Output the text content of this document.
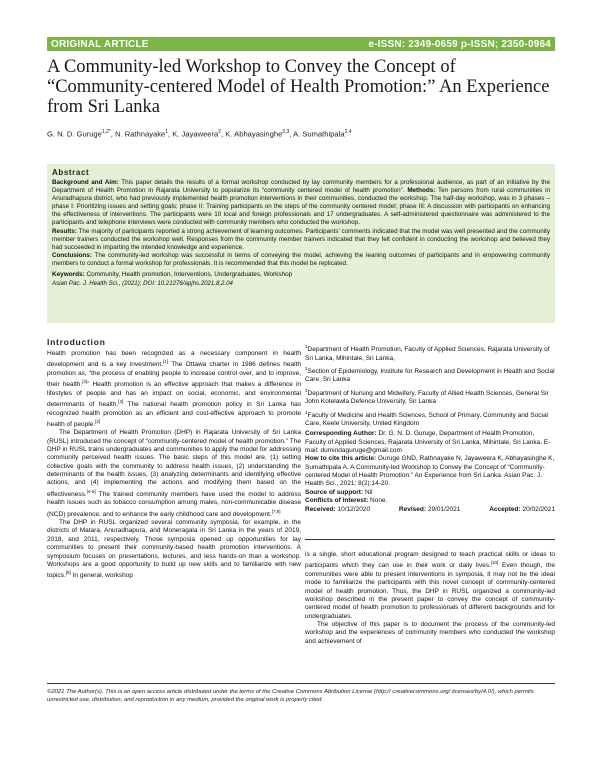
ORIGINAL ARTICLE	e-ISSN: 2349-0659 p-ISSN; 2350-0964
A Community-led Workshop to Convey the Concept of “Community-centered Model of Health Promotion:” An Experience from Sri Lanka
G. N. D. Guruge$^{1,2*}$, N. Rathnayake$^1$, K. Jayaweera$^2$, K. Abhayasinghe$^{2,3}$, A. Sumathipala$^{2,4}$
Abstract
Background and Aim: This paper details the results of a formal workshop conducted by lay community members for a professional audience, as part of an initiative by the Department of Health Promotion in Rajarata University to popularize its “community centered model of health promotion”. Methods: Ten persons from rural communities in Anuradhapura district, who had previously implemented health promotion interventions in their communities, conducted the workshop. The half-day workshop, was in 3 phases – phase I: Prioritizing issues and setting goals; phase II: Training participants on the steps of the community centered model; phase III: A discussion with participants on enhancing the effectiveness of interventions. The participants were 10 local and foreign professionals and 17 undergraduates. A self-administered questionnaire was administered to the participants and telephone interviews were conducted with community members who conducted the workshop.
Results: The majority of participants reported a strong achievement of learning outcomes. Participants' comments indicated that the model was well presented and the community member trainers conducted the workshop well. Responses from the community member trainers indicated that they felt confident in conducting the workshop and believed they had succeeded in imparting the intended knowledge and experience.
Conclusions: The community-led workshop was successful in terms of conveying the model, achieving the leaning outcomes of participants and in empowering community members to conduct a formal workshop for professionals. It is recommended that this model be replicated.
Keywords: Community, Health promotion, Interventions, Undergraduates, Workshop
Asian Pac. J. Health Sci., (2021); DOI: 10.21276/apjhs.2021.8.2.04
Introduction

Health promotion has been recognized as a necessary component in health development and is a key investment.[1] The Ottawa charter in 1986 defines health promotion as, “the process of enabling people to increase control over, and to improve, their health.[2]” Health promotion is an effective approach that makes a difference in lifestyles of people and has an impact on social, economic, and environmental determinants of health.[3] The national health promotion policy in Sri Lanka has recognized health promotion as an efficient and cost-effective approach to promote health of people.[2]

The Department of Health Promotion (DHP) in Rajarata University of Sri Lanka (RUSL) introduced the concept of “community-centered model of health promotion.” The DHP in RUSL trains undergraduates and communities to apply the model for addressing community perceived health issues. The basic steps of this model are, (1) setting collective goals with the community to address health issues, (2) understanding the determinants of the health issues, (3) analyzing determinants and identifying effective actions, and (4) implementing the actions and modifying them based on the effectiveness.[4-6] The trained community members have used the model to address health issues such as tobacco consumption among males, non-communicable disease (NCD) prevalence, and to enhance the early childhood care and development.[7,8]

The DHP in RUSL organized several community symposia, for example, in the districts of Matara, Anuradhapura, and Moneragala in Sri Lanka in the years of 2019, 2018, and 2011, respectively. Those symposia opened up opportunities for lay communities to present their community-based health promotion interventions. A symposium focuses on presentations, lectures, and less hands-on than a workshop. Workshops are a good opportunity to build up new skills and to familiarize with new topics.[9] In general, workshop

$^1$Department of Health Promotion, Faculty of Applied Sciences, Rajarata University of Sri Lanka, Mihintale, Sri Lanka,
$^2$Section of Epidemiology, Institute for Research and Development in Health and Social Care, Sri Lanka
$^3$Department of Nursing and Midwifery, Faculty of Allied Health Sciences, General Sir John Kotelawla Defence University, Sri Lanka
$^4$Faculty of Medicine and Health Sciences, School of Primary, Community and Social Care, Keele University, United Kingdom
Corresponding Author: Dr. G. N. D. Guruge, Department of Health Promotion, Faculty of Applied Sciences, Rajarata University of Sri Lanka, Mihintale, Sri Lanka. E-mail: dumindaguruge@gmail.com
How to cite this article: Guruge GND, Rathnayake N, Jayaweera K, Abhayasinghe K, Sumathipala A. A Community-led Workshop to Convey the Concept of “Community-centered Model of Health Promotion:” An Experience from Sri Lanka. Asian Pac. J. Health Sci., 2021; 8(2):14-20.
Source of support: Nil
Conflicts of interest: None.
Received: 10/12/2020	Revised: 29/01/2021	Accepted: 20/02/2021

is a single, short educational program designed to teach practical skills or ideas to participants which they can use in their work or daily lives.[10] Even though, the communities were able to present interventions in symposia, it may not be the ideal mode to familiarize the participants with this novel concept of community-centered model of health promotion. Thus, the DHP in RUSL organized a community-led workshop described in the present paper to convey the concept of community-centered model of health promotion to professionals of different backgrounds and for undergraduates.

The objective of this paper is to document the process of the community-led workshop and the experiences of community members who conducted the workshop and achievement of

©2021 The Author(s). This is an open access article distributed under the terms of the Creative Commons Attribution License (http:// creativecommons.org/ licenses/by/4.0/), which permits unrestricted use, distribution, and reproduction in any medium, provided the original work is properly cited.
